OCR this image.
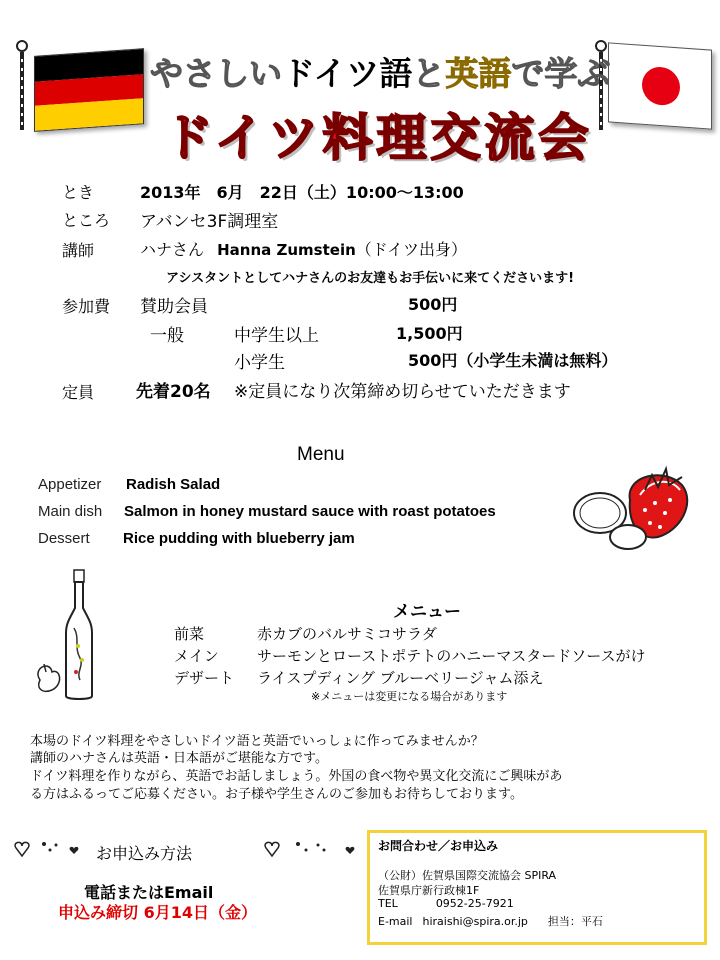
やさしいドイツ語と英語で学ぶ
ドイツ料理交流会
とき	2013年　6月　22日（土）10:00～13:00
ところ アバンセ3F調理室
講師	ハナさん Hanna Zumstein（ドイツ出身）
アシスタントとしてハナさんのお友達もお手伝いに来てくださいます!
参加費 賛助会員	500円
一般	中学生以上	1,500円
小学生	500円（小学生未満は無料）
定員 先着20名 ※定員になり次第締め切らせていただきます
Menu
Appetizer Radish Salad
Main dish Salmon in honey mustard sauce with roast potatoes
Dessert Rice pudding with blueberry jam
メニュー
前菜	赤カブのバルサミコサラダ
メイン	サーモンとローストポテトのハニーマスタードソースがけ
デザート ライスプディング ブルーベリージャム添え
※メニューは変更になる場合があります
本場のドイツ料理をやさしいドイツ語と英語でいっしょに作ってみませんか？
講師のハナさんは英語・日本語がご堪能な方です。
ドイツ料理を作りながら、英語でお話しましょう。外国の食べ物や異文化交流にご興味があ
る方はふるってご応募ください。お子様や学生さんのご参加もお待ちしております。
お申込み方法
電話またはEmail
申込み締切 6月14日（金）
お問合わせ／お申込み
（公財）佐賀県国際交流協会 SPIRA
佐賀県庁新行政棟1F
TEL	0952-25-7921
E-mail hiraishi@spira.or.jp 担当：平石
